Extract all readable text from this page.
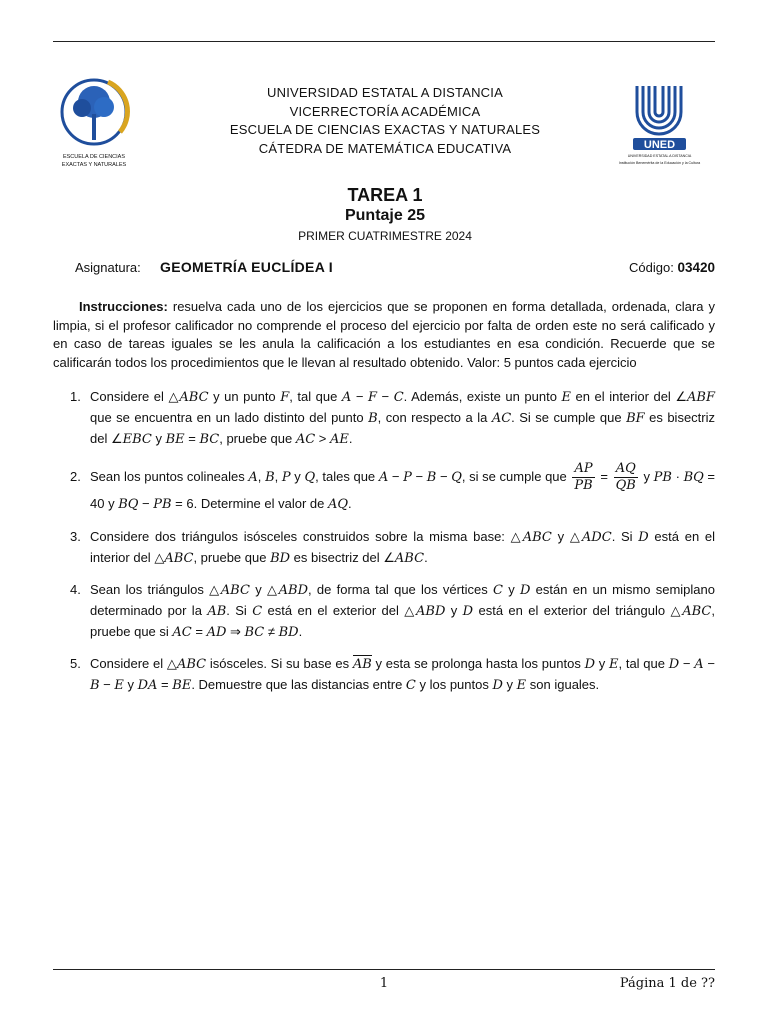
ESCUELA DE CIENCIAS
EXACTAS Y NATURALES
UNIVERSIDAD ESTATAL A DISTANCIA
VICERRECTORÍA ACADÉMICA
ESCUELA DE CIENCIAS EXACTAS Y NATURALES
CÁTEDRA DE MATEMÁTICA EDUCATIVA	UNED
UNIVERSIDAD ESTATAL A DISTANCIA
Institución Benemérita de la Educación y la Cultura
TAREA 1
Puntaje 25
PRIMER CUATRIMESTRE 2024
Asignatura: GEOMETRÍA EUCLÍDEA I	Código: 03420
Instrucciones: resuelva cada uno de los ejercicios que se proponen en forma detallada, ordenada, clara y limpia, si el profesor calificador no comprende el proceso del ejercicio por falta de orden este no será calificado y en caso de tareas iguales se les anula la calificación a los estudiantes en esa condición. Recuerde que se calificarán todos los procedimientos que le llevan al resultado obtenido. Valor: 5 puntos cada ejercicio
1. Considere el △ABC y un punto F, tal que A − F − C. Además, existe un punto E en el interior del ∠ABF que se encuentra en un lado distinto del punto B, con respecto a la AC. Si se cumple que BF es bisectriz del ∠EBC y BE = BC, pruebe que AC > AE.
2. Sean los puntos colineales A, B, P y Q, tales que A − P − B − Q, si se cumple que $\frac{AP}{PB} = \frac{AQ}{QB}$ y PB · BQ = 40 y BQ − PB = 6. Determine el valor de AQ.
3. Considere dos triángulos isósceles construidos sobre la misma base: △ABC y △ADC. Si D está en el interior del △ABC, pruebe que BD es bisectriz del ∠ABC.
4. Sean los triángulos △ABC y △ABD, de forma tal que los vértices C y D están en un mismo semiplano determinado por la AB. Si C está en el exterior del △ABD y D está en el exterior del triángulo △ABC, pruebe que si AC = AD ⇒ BC ≠ BD.
5. Considere el △ABC isósceles. Si su base es AB y esta se prolonga hasta los puntos D y E, tal que D − A − B − E y DA = BE. Demuestre que las distancias entre C y los puntos D y E son iguales.
1	Página 1 de ??
